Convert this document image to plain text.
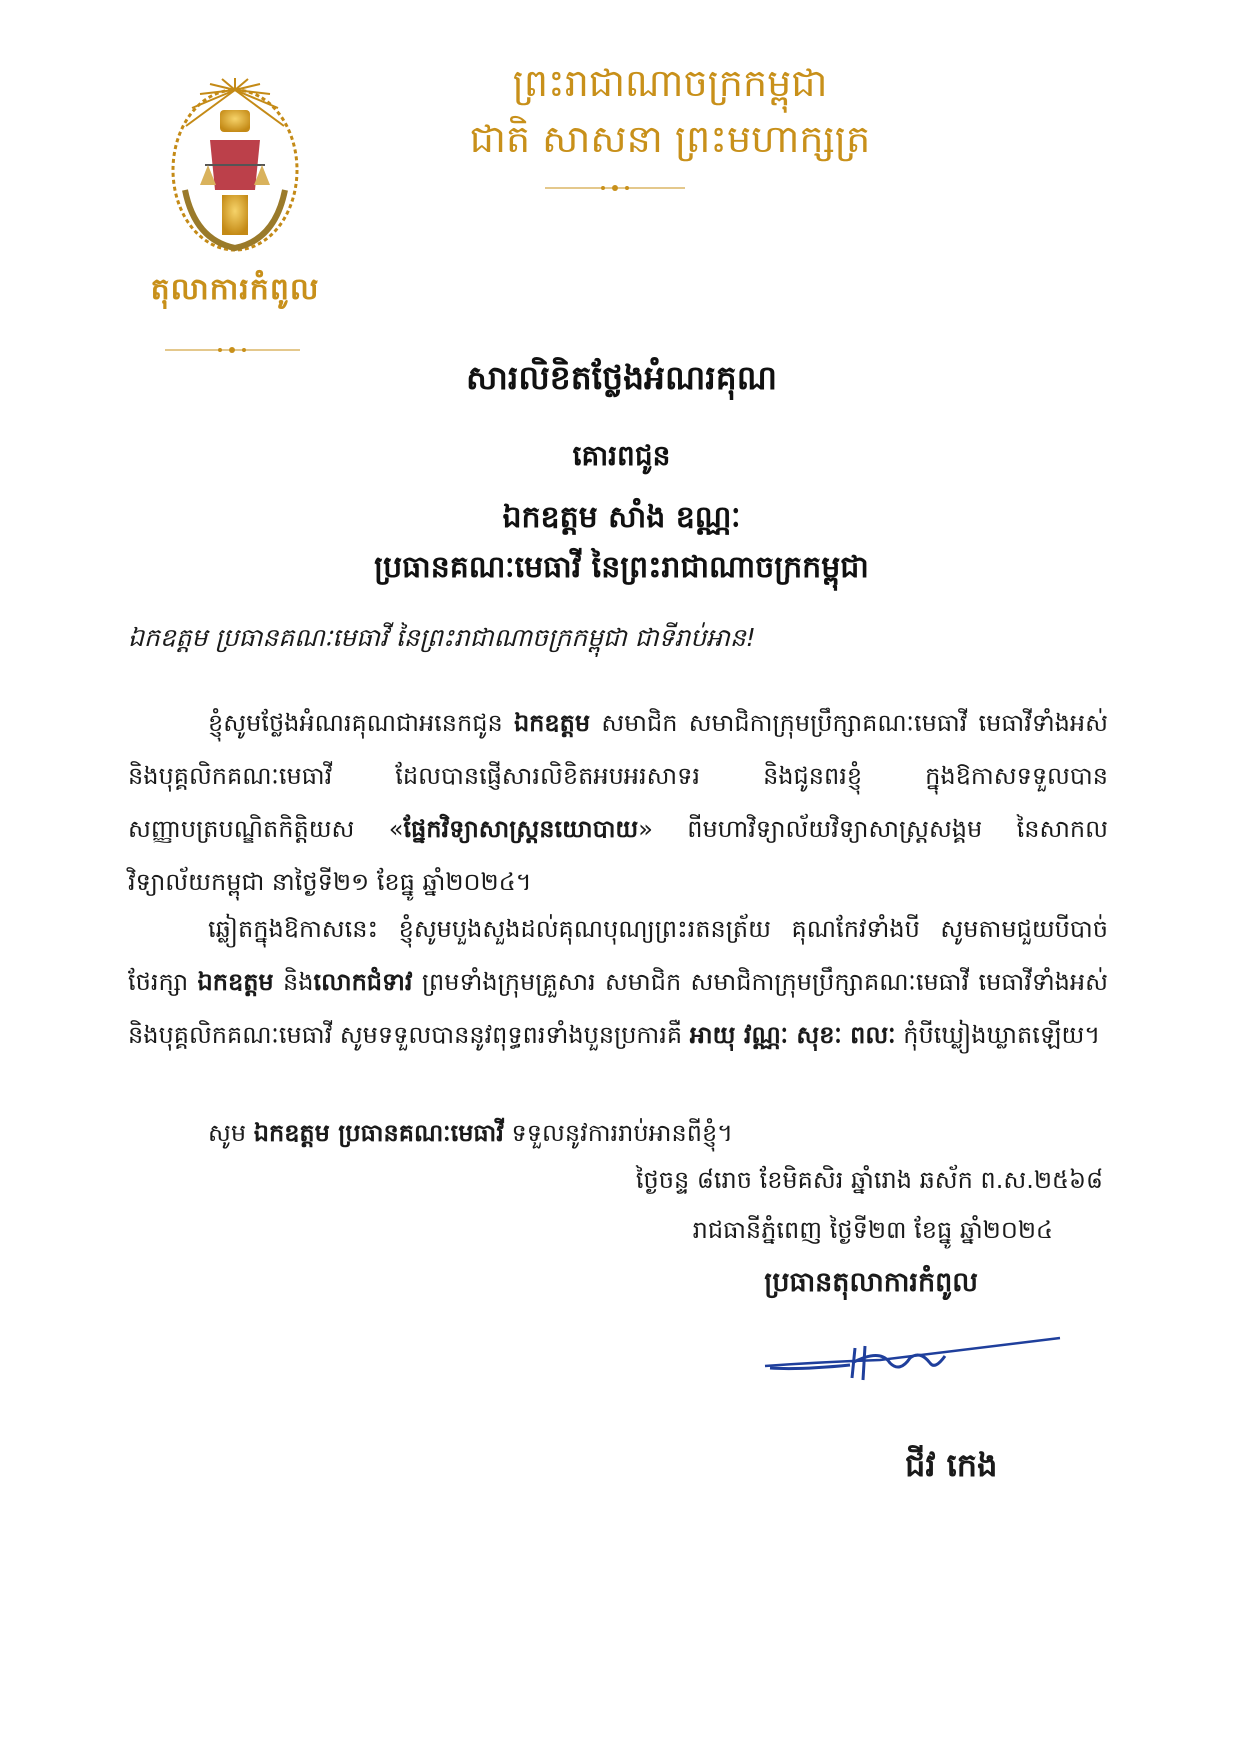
តុលាការកំពូល
ព្រះរាជាណាចក្រកម្ពុជា
ជាតិ សាសនា ព្រះមហាក្សត្រ
សារលិខិតថ្លែងអំណរគុណ
គោរពជូន
ឯកឧត្តម សាំង ឧណ្ណៈ
ប្រធានគណៈមេធាវី នៃព្រះរាជាណាចក្រកម្ពុជា
ឯកឧត្តម ប្រធានគណៈមេធាវី នៃព្រះរាជាណាចក្រកម្ពុជា ជាទីរាប់អាន!

ខ្ញុំសូមថ្លែងអំណរគុណជាអនេកជូន ឯកឧត្តម សមាជិក សមាជិកាក្រុមប្រឹក្សាគណៈមេធាវី មេធាវីទាំងអស់ និងបុគ្គលិកគណៈមេធាវី ដែលបានផ្ញើសារលិខិតអបអរសាទរ និងជូនពរខ្ញុំ ក្នុងឱកាសទទួលបានសញ្ញាបត្របណ្ឌិតកិត្តិយស «ផ្នែកវិទ្យាសាស្ត្រនយោបាយ» ពីមហាវិទ្យាល័យវិទ្យាសាស្ត្រសង្គម នៃសាកលវិទ្យាល័យកម្ពុជា នាថ្ងៃទី២១ ខែធ្នូ ឆ្នាំ២០២៤។

ឆ្លៀតក្នុងឱកាសនេះ ខ្ញុំសូមបួងសួងដល់គុណបុណ្យព្រះរតនត្រ័យ គុណកែវទាំងបី សូមតាមជួយបីបាច់ថែរក្សា ឯកឧត្តម និងលោកជំទាវ ព្រមទាំងក្រុមគ្រួសារ សមាជិក សមាជិកាក្រុមប្រឹក្សាគណៈមេធាវី មេធាវីទាំងអស់ និងបុគ្គលិកគណៈមេធាវី សូមទទួលបាននូវពុទ្ធពរទាំងបួនប្រការគឺ អាយុ វណ្ណៈ សុខៈ ពលៈ កុំបីឃ្លៀងឃ្លាតឡើយ។

សូម ឯកឧត្តម ប្រធានគណៈមេធាវី ទទួលនូវការរាប់អានពីខ្ញុំ។

ថ្ងៃចន្ទ ៨រោច ខែមិគសិរ ឆ្នាំរោង ឆស័ក ព.ស.២៥៦៨
រាជធានីភ្នំពេញ ថ្ងៃទី២៣ ខែធ្នូ ឆ្នាំ២០២៤
ប្រធានតុលាការកំពូល
ជីវ កេង
